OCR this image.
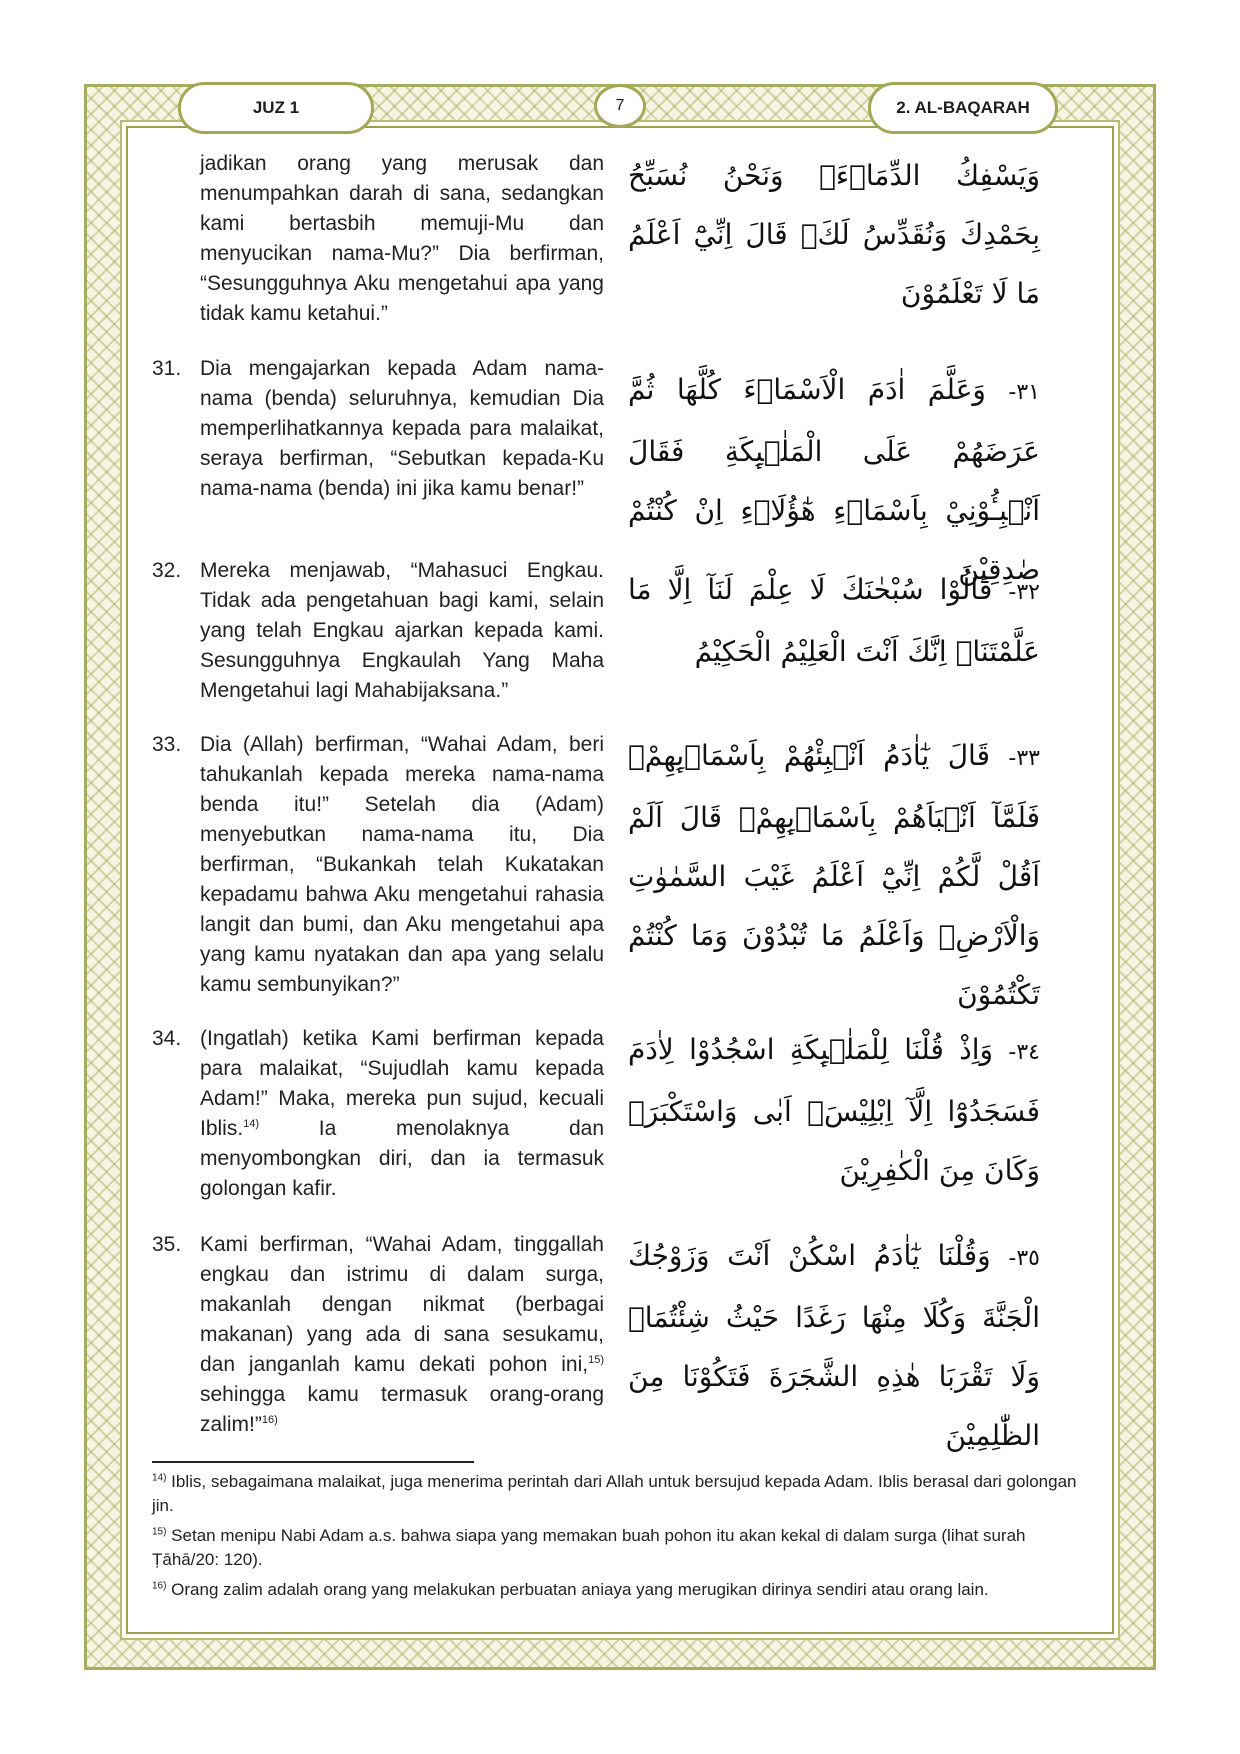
JUZ 1	7	2. AL-BAQARAH
وَيَسْفِكُ الدِّمَاۤءَۚ وَنَحْنُ نُسَبِّحُ بِحَمْدِكَ وَنُقَدِّسُ لَكَۗ قَالَ اِنِّيْٓ اَعْلَمُ مَا لَا تَعْلَمُوْنَ
jadikan orang yang merusak dan menumpahkan darah di sana, sedangkan kami bertasbih memuji-Mu dan menyucikan nama-Mu?” Dia berfirman, “Sesungguhnya Aku mengetahui apa yang tidak kamu ketahui.”
٣١- وَعَلَّمَ اٰدَمَ الْاَسْمَاۤءَ كُلَّهَا ثُمَّ عَرَضَهُمْ عَلَى الْمَلٰۤىِٕكَةِ فَقَالَ اَنْۢبِـُٔوْنِيْ بِاَسْمَاۤءِ هٰٓؤُلَاۤءِ اِنْ كُنْتُمْ صٰدِقِيْنَ
31. Dia mengajarkan kepada Adam nama-nama (benda) seluruhnya, kemudian Dia memperlihatkannya kepada para malaikat, seraya berfirman, “Sebutkan kepada-Ku nama-nama (benda) ini jika kamu benar!”
٣٢- قَالُوْا سُبْحٰنَكَ لَا عِلْمَ لَنَآ اِلَّا مَا عَلَّمْتَنَاۗ اِنَّكَ اَنْتَ الْعَلِيْمُ الْحَكِيْمُ
32. Mereka menjawab, “Mahasuci Engkau. Tidak ada pengetahuan bagi kami, selain yang telah Engkau ajarkan kepada kami. Sesungguhnya Engkaulah Yang Maha Mengetahui lagi Mahabijaksana.”
٣٣- قَالَ يٰٓاٰدَمُ اَنْۢبِئْهُمْ بِاَسْمَاۤىِٕهِمْۚ فَلَمَّآ اَنْۢبَاَهُمْ بِاَسْمَاۤىِٕهِمْۙ قَالَ اَلَمْ اَقُلْ لَّكُمْ اِنِّيْٓ اَعْلَمُ غَيْبَ السَّمٰوٰتِ وَالْاَرْضِۙ وَاَعْلَمُ مَا تُبْدُوْنَ وَمَا كُنْتُمْ تَكْتُمُوْنَ
33. Dia (Allah) berfirman, “Wahai Adam, beri tahukanlah kepada mereka nama-nama benda itu!” Setelah dia (Adam) menyebutkan nama-nama itu, Dia berfirman, “Bukankah telah Kukatakan kepadamu bahwa Aku mengetahui rahasia langit dan bumi, dan Aku mengetahui apa yang kamu nyatakan dan apa yang selalu kamu sembunyikan?”
٣٤- وَاِذْ قُلْنَا لِلْمَلٰۤىِٕكَةِ اسْجُدُوْا لِاٰدَمَ فَسَجَدُوْٓا اِلَّآ اِبْلِيْسَۗ اَبٰى وَاسْتَكْبَرَۖ وَكَانَ مِنَ الْكٰفِرِيْنَ
34. (Ingatlah) ketika Kami berfirman kepada para malaikat, “Sujudlah kamu kepada Adam!” Maka, mereka pun sujud, kecuali Iblis.$^{14)}$ Ia menolaknya dan menyombongkan diri, dan ia termasuk golongan kafir.
٣٥- وَقُلْنَا يٰٓاٰدَمُ اسْكُنْ اَنْتَ وَزَوْجُكَ الْجَنَّةَ وَكُلَا مِنْهَا رَغَدًا حَيْثُ شِئْتُمَاۖ وَلَا تَقْرَبَا هٰذِهِ الشَّجَرَةَ فَتَكُوْنَا مِنَ الظّٰلِمِيْنَ
35. Kami berfirman, “Wahai Adam, tinggallah engkau dan istrimu di dalam surga, makanlah dengan nikmat (berbagai makanan) yang ada di sana sesukamu, dan janganlah kamu dekati pohon ini,$^{15)}$ sehingga kamu termasuk orang-orang zalim!”$^{16)}$
$^{14)}$ Iblis, sebagaimana malaikat, juga menerima perintah dari Allah untuk bersujud kepada Adam. Iblis berasal dari golongan jin.
$^{15)}$ Setan menipu Nabi Adam a.s. bahwa siapa yang memakan buah pohon itu akan kekal di dalam surga (lihat surah Ṭāhā/20: 120).
$^{16)}$ Orang zalim adalah orang yang melakukan perbuatan aniaya yang merugikan dirinya sendiri atau orang lain.
